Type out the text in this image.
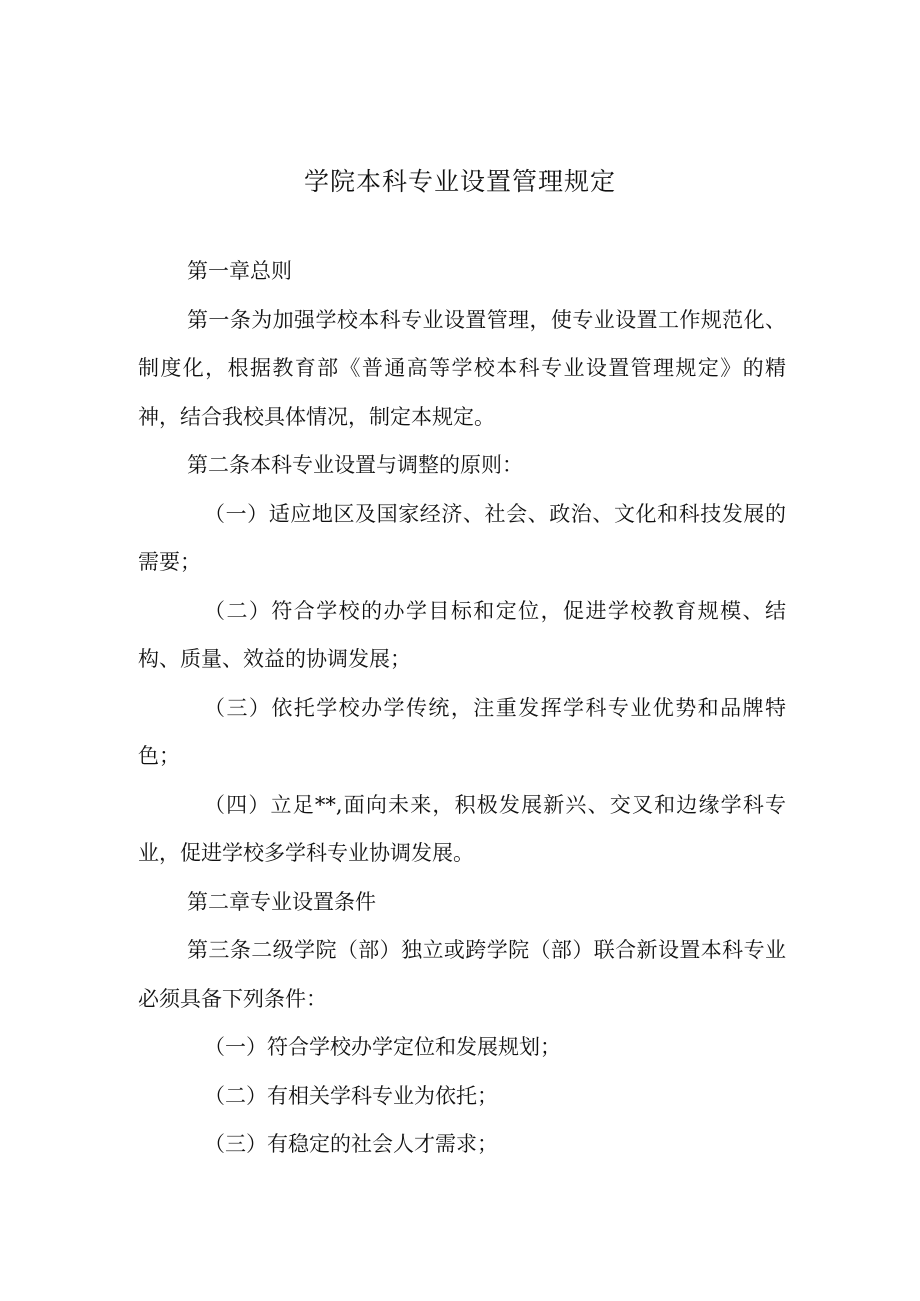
学院本科专业设置管理规定

第一章总则

第一条为加强学校本科专业设置管理，使专业设置工作规范化、制度化，根据教育部《普通高等学校本科专业设置管理规定》的精神，结合我校具体情况，制定本规定。

第二条本科专业设置与调整的原则：

（一）适应地区及国家经济、社会、政治、文化和科技发展的需要；

（二）符合学校的办学目标和定位，促进学校教育规模、结构、质量、效益的协调发展；

（三）依托学校办学传统，注重发挥学科专业优势和品牌特色；

（四）立足**,面向未来，积极发展新兴、交叉和边缘学科专业，促进学校多学科专业协调发展。

第二章专业设置条件

第三条二级学院（部）独立或跨学院（部）联合新设置本科专业必须具备下列条件：

（一）符合学校办学定位和发展规划；

（二）有相关学科专业为依托；

（三）有稳定的社会人才需求；
